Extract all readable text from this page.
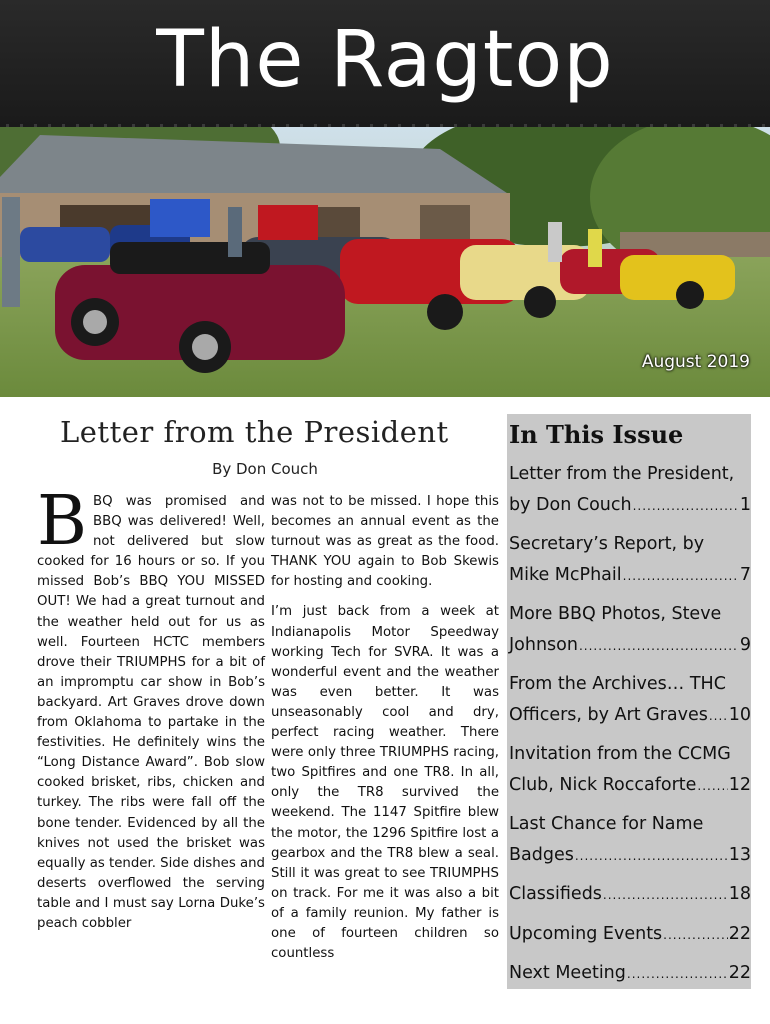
The Ragtop
August 2019
Letter from the President
By Don Couch

BBQ was promised and BBQ was delivered! Well, not delivered but slow cooked for 16 hours or so. If you missed Bob’s BBQ YOU MISSED OUT! We had a great turnout and the weather held out for us as well. Fourteen HCTC members drove their TRIUMPHS for a bit of an impromptu car show in Bob’s backyard. Art Graves drove down from Oklahoma to partake in the festivities. He definitely wins the “Long Distance Award”. Bob slow cooked brisket, ribs, chicken and turkey. The ribs were fall off the bone tender. Evidenced by all the knives not used the brisket was equally as tender. Side dishes and deserts overflowed the serving table and I must say Lorna Duke’s peach cobbler

was not to be missed. I hope this becomes an annual event as the turnout was as great as the food. THANK YOU again to Bob Skewis for hosting and cooking.

I’m just back from a week at Indianapolis Motor Speedway working Tech for SVRA. It was a wonderful event and the weather was even better. It was unseasonably cool and dry, perfect racing weather. There were only three TRIUMPHS racing, two Spitfires and one TR8. In all, only the TR8 survived the weekend. The 1147 Spitfire blew the motor, the 1296 Spitfire lost a gearbox and the TR8 blew a seal. Still it was great to see TRIUMPHS on track. For me it was also a bit of a family reunion. My father is one of fourteen children so countless

In This Issue
Letter from the President,
by Don Couch .....	1
Secretary’s Report, by
Mike McPhail .....	7
More BBQ Photos, Steve
Johnson .....	9
From the Archives… THC
Officers, by Art Graves ..... 10
Invitation from the CCMG
Club, Nick Roccaforte ..... 12
Last Chance for Name
Badges .....	13
Classifieds .....	18
Upcoming Events .....	22
Next Meeting .....	22
